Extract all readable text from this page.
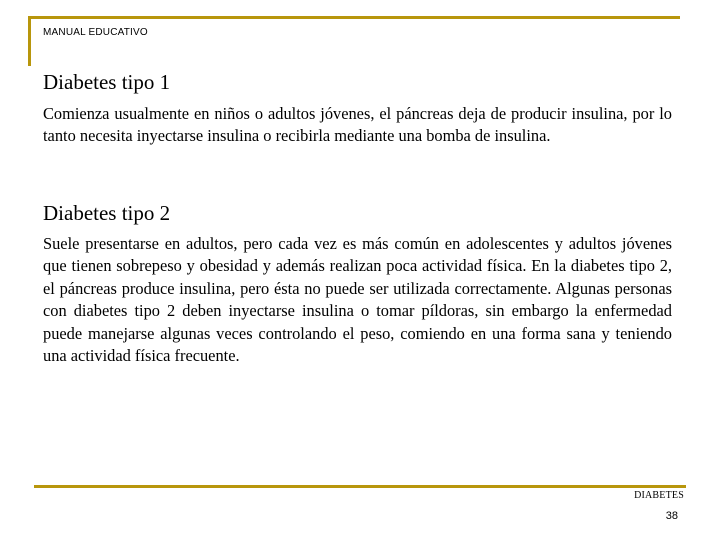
MANUAL EDUCATIVO
Diabetes tipo 1

Comienza usualmente en niños o adultos jóvenes, el páncreas deja de producir insulina, por lo tanto necesita inyectarse insulina o recibirla mediante una bomba de insulina.

Diabetes tipo 2

Suele presentarse en adultos, pero cada vez es más común en adolescentes y adultos jóvenes que tienen sobrepeso y obesidad y además realizan poca actividad física. En la diabetes tipo 2, el páncreas produce insulina, pero ésta no puede ser utilizada correctamente. Algunas personas con diabetes tipo 2 deben inyectarse insulina o tomar píldoras, sin embargo la enfermedad puede manejarse algunas veces controlando el peso, comiendo en una forma sana y teniendo una actividad física frecuente.

DIABETES
38
